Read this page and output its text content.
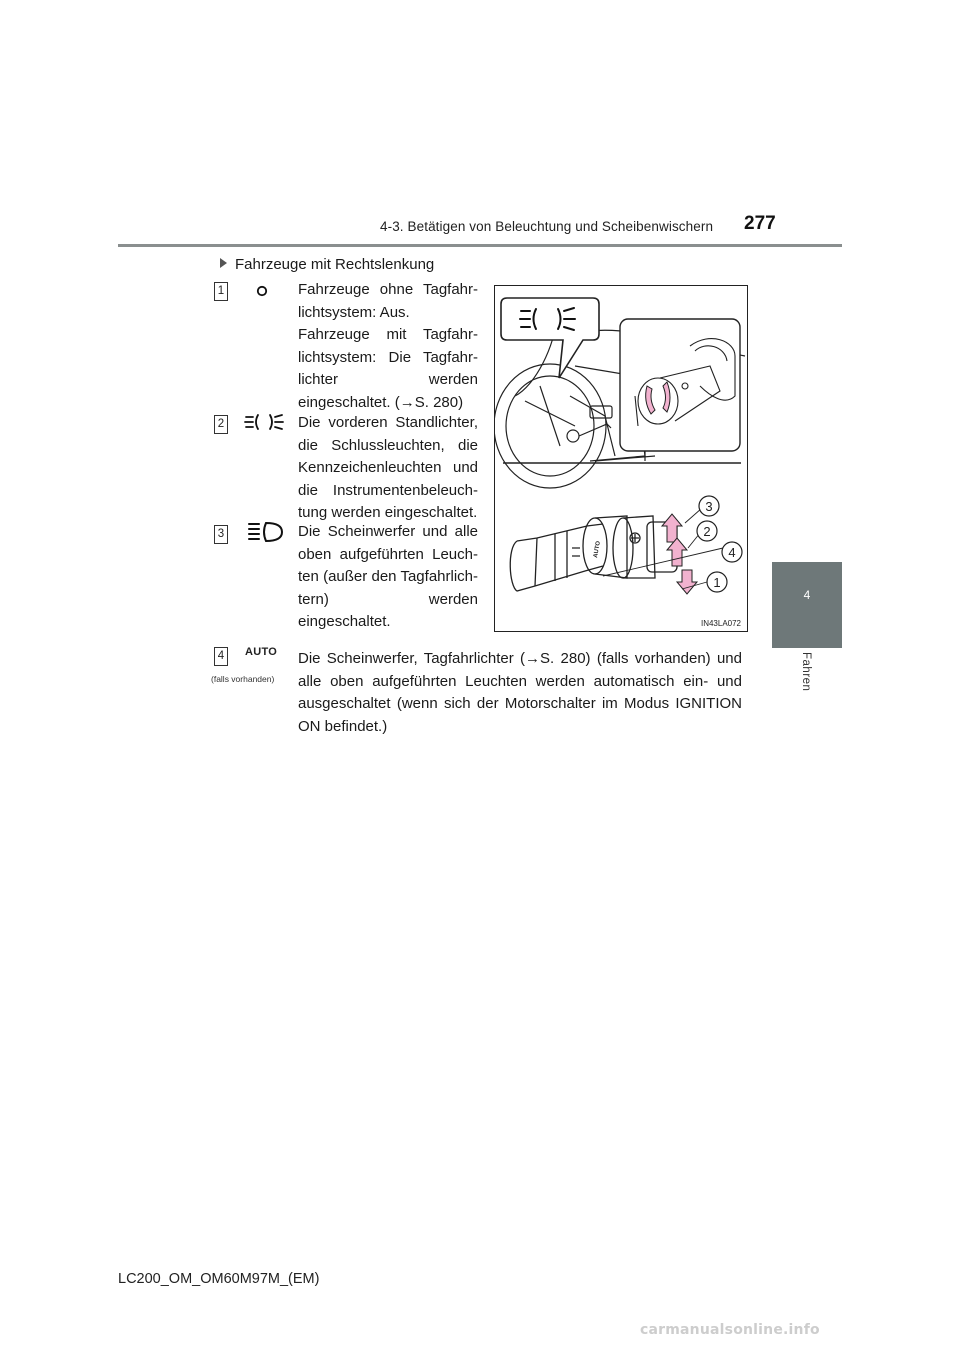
4-3. Betätigen von Beleuchtung und Scheibenwischern 277
4
Fahren
Fahrzeuge mit Rechtslenkung
1	Fahrzeuge ohne Tagfahr-lichtsystem: Aus.

Fahrzeuge mit Tagfahr-lichtsystem: Die Tagfahr-lichter werden eingeschaltet. (→S. 280)

2	Die vorderen Standlichter, die Schlussleuchten, die Kennzeichenleuchten und die Instrumentenbeleuch-tung werden eingeschaltet.

3	Die Scheinwerfer und alle oben aufgeführten Leuch-ten (außer den Tagfahrlich-tern) werden eingeschaltet.

4	AUTO
(falls vorhanden)

Die Scheinwerfer, Tagfahrlichter (→S. 280) (falls vorhanden) und alle oben aufgeführten Leuchten werden automatisch ein- und ausgeschaltet (wenn sich der Motorschalter im Modus IGNITION ON befindet.)

AUTO
3
2
4
1
IN43LA072
LC200_OM_OM60M97M_(EM)
carmanualsonline.info
